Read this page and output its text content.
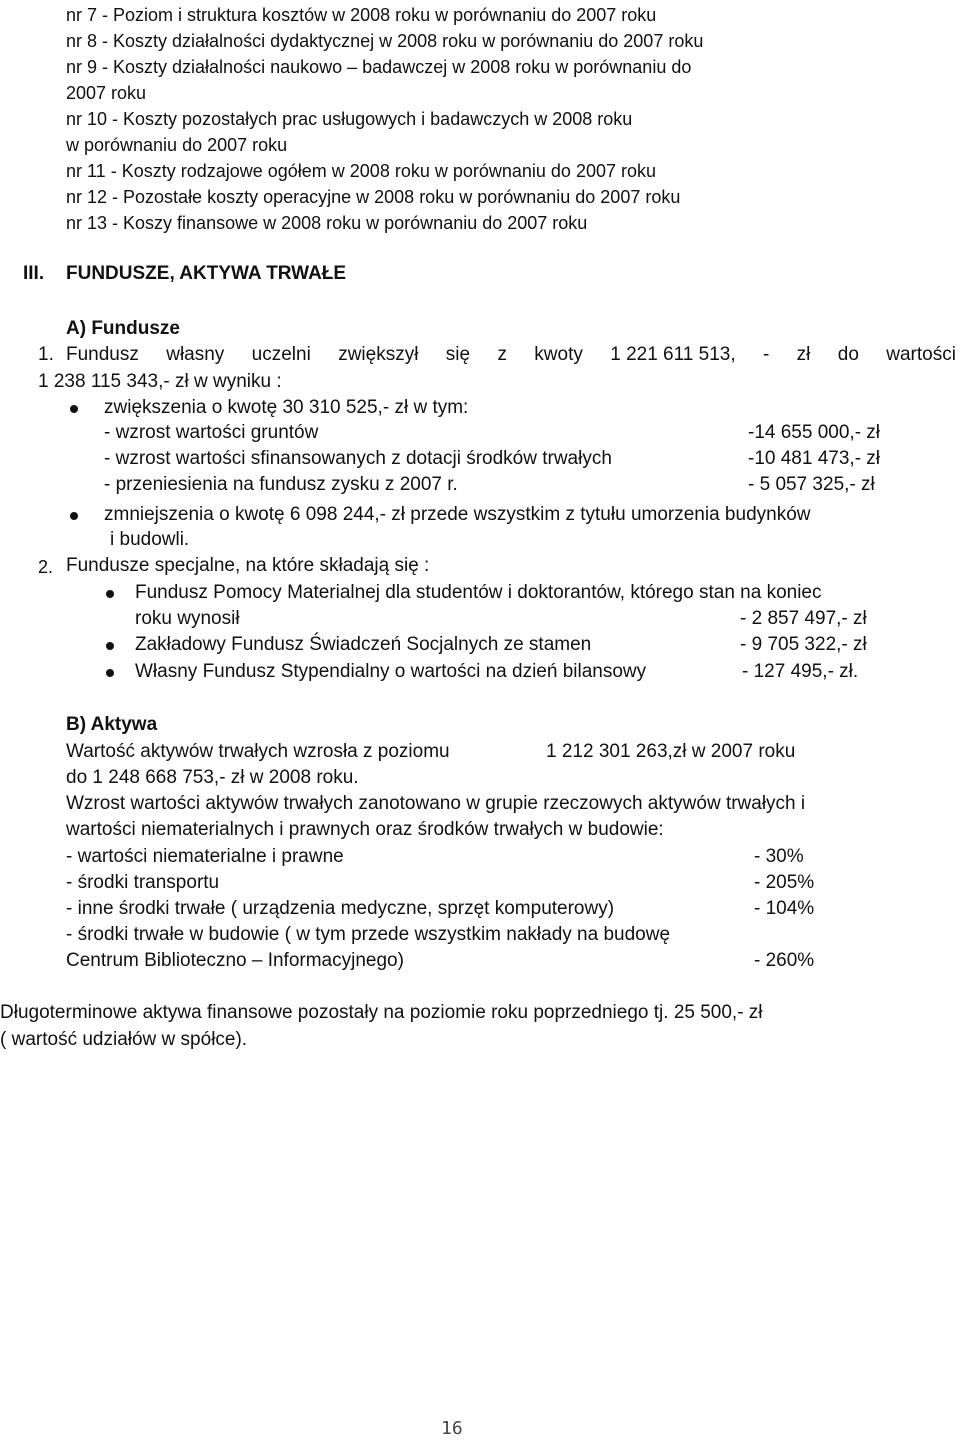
nr 7 - Poziom i struktura kosztów w 2008 roku w porównaniu do 2007 roku
nr 8 - Koszty działalności dydaktycznej w 2008 roku w porównaniu do 2007 roku
nr 9 - Koszty działalności naukowo – badawczej w 2008 roku w porównaniu do
2007 roku
nr 10 - Koszty pozostałych prac usługowych i badawczych w 2008 roku
w porównaniu do 2007 roku
nr 11 - Koszty rodzajowe ogółem w 2008 roku w porównaniu do 2007 roku
nr 12 - Pozostałe koszty operacyjne w 2008 roku w porównaniu do 2007 roku
nr 13 - Koszy finansowe w 2008 roku w porównaniu do 2007 roku
III. FUNDUSZE, AKTYWA TRWAŁE
A) Fundusze
1. Fundusz własny uczelni zwiększył się z kwoty 1 221 611 513, - zł do wartości
1 238 115 343,- zł w wyniku :
zwiększenia o kwotę 30 310 525,- zł w tym:
- wzrost wartości gruntów	-14 655 000,- zł
- wzrost wartości sfinansowanych z dotacji środków trwałych	-10 481 473,- zł
- przeniesienia na fundusz zysku z 2007 r.	- 5 057 325,- zł
zmniejszenia o kwotę 6 098 244,- zł przede wszystkim z tytułu umorzenia budynków
i budowli.
2. Fundusze specjalne, na które składają się :
Fundusz Pomocy Materialnej dla studentów i doktorantów, którego stan na koniec
roku wynosił	- 2 857 497,- zł
Zakładowy Fundusz Świadczeń Socjalnych ze stamen	- 9 705 322,- zł
Własny Fundusz Stypendialny o wartości na dzień bilansowy	- 127 495,- zł.
B) Aktywa
Wartość aktywów trwałych wzrosła z poziomu	1 212 301 263,zł w 2007 roku
do 1 248 668 753,- zł w 2008 roku.
Wzrost wartości aktywów trwałych zanotowano w grupie rzeczowych aktywów trwałych i
wartości niematerialnych i prawnych oraz środków trwałych w budowie:
- wartości niematerialne i prawne	- 30%
- środki transportu	- 205%
- inne środki trwałe ( urządzenia medyczne, sprzęt komputerowy)	- 104%
- środki trwałe w budowie ( w tym przede wszystkim nakłady na budowę
Centrum Biblioteczno – Informacyjnego)	- 260%
Długoterminowe aktywa finansowe pozostały na poziomie roku poprzedniego tj. 25 500,- zł
( wartość udziałów w spółce).
16
